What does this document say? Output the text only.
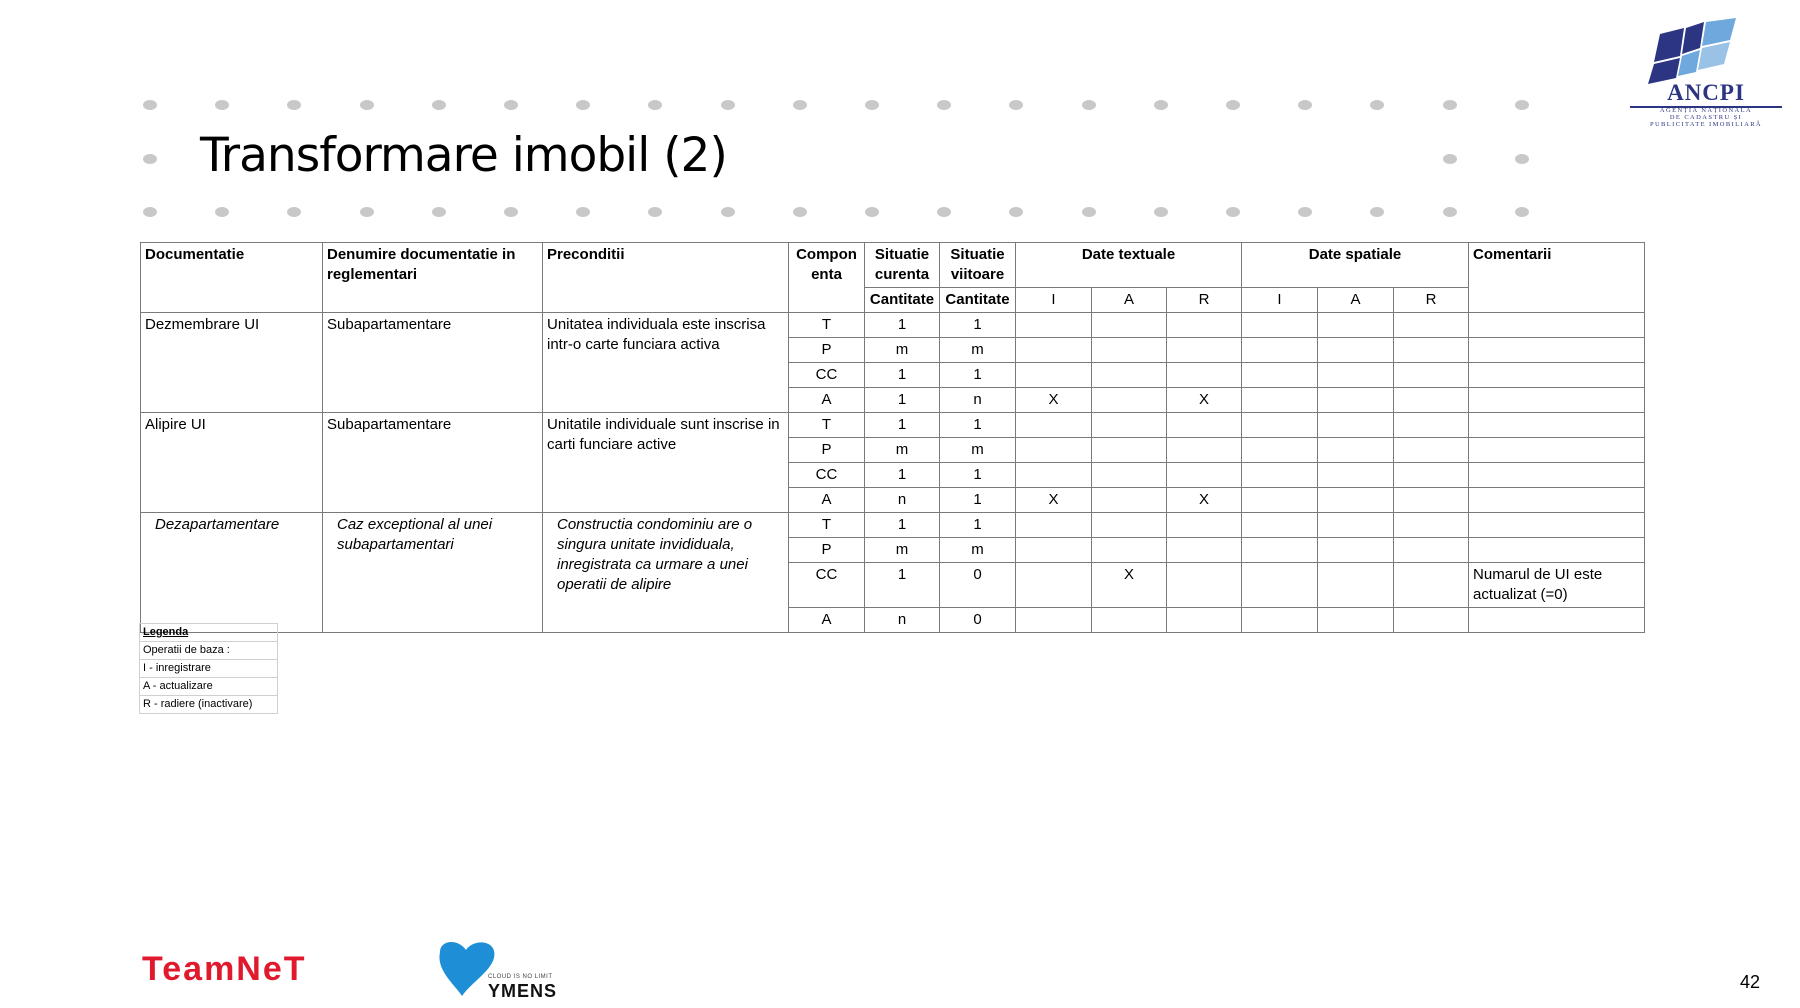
ANCPI
AGENȚIA NAȚIONALĂ
DE CADASTRU ȘI
PUBLICITATE IMOBILIARĂ
Transformare imobil (2)
Documentatie	Denumire documentatie in reglementari	Preconditii	Compon enta	Situatie curenta	Situatie viitoare	Date textuale			Date spatiale			Comentarii
				Cantitate	Cantitate	I	A	R	I	A	R	
Dezmembrare UI	Subapartamentare	Unitatea individuala este inscrisa intr-o carte funciara activa	T	1	1							
			P	m	m							
			CC	1	1							
			A	1	n	X		X				
Alipire UI	Subapartamentare	Unitatile individuale sunt inscrise in carti funciare active	T	1	1							
			P	m	m							
			CC	1	1							
			A	n	1	X		X				
Dezapartamentare	Caz exceptional al unei subapartamentari	Constructia condominiu are o singura unitate invididuala, inregistrata ca urmare a unei operatii de alipire	T	1	1							
			P	m	m							
			CC	1	0		X					Numarul de UI este actualizat (=0)
			A	n	0							
Legenda
Operatii de baza :
I - inregistrare
A - actualizare
R - radiere (inactivare)
TeamNeT	CLOUD IS NO LIMIT
YMENS	42
